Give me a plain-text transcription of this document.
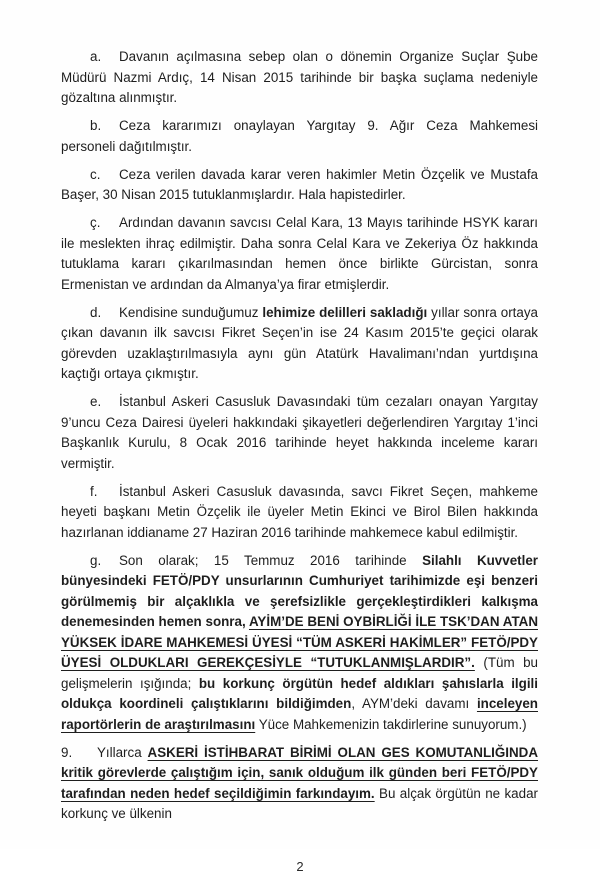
a. Davanın açılmasına sebep olan o dönemin Organize Suçlar Şube Müdürü Nazmi Ardıç, 14 Nisan 2015 tarihinde bir başka suçlama nedeniyle gözaltına alınmıştır.

b. Ceza kararımızı onaylayan Yargıtay 9. Ağır Ceza Mahkemesi personeli dağıtılmıştır.

c. Ceza verilen davada karar veren hakimler Metin Özçelik ve Mustafa Başer, 30 Nisan 2015 tutuklanmışlardır. Hala hapistedirler.

ç. Ardından davanın savcısı Celal Kara, 13 Mayıs tarihinde HSYK kararı ile meslekten ihraç edilmiştir. Daha sonra Celal Kara ve Zekeriya Öz hakkında tutuklama kararı çıkarılmasından hemen önce birlikte Gürcistan, sonra Ermenistan ve ardından da Almanya’ya firar etmişlerdir.

d. Kendisine sunduğumuz lehimize delilleri sakladığı yıllar sonra ortaya çıkan davanın ilk savcısı Fikret Seçen’in ise 24 Kasım 2015’te geçici olarak görevden uzaklaştırılmasıyla aynı gün Atatürk Havalimanı’ndan yurtdışına kaçtığı ortaya çıkmıştır.

e. İstanbul Askeri Casusluk Davasındaki tüm cezaları onayan Yargıtay 9’uncu Ceza Dairesi üyeleri hakkındaki şikayetleri değerlendiren Yargıtay 1’inci Başkanlık Kurulu, 8 Ocak 2016 tarihinde heyet hakkında inceleme kararı vermiştir.

f. İstanbul Askeri Casusluk davasında, savcı Fikret Seçen, mahkeme heyeti başkanı Metin Özçelik ile üyeler Metin Ekinci ve Birol Bilen hakkında hazırlanan iddianame 27 Haziran 2016 tarihinde mahkemece kabul edilmiştir.

g. Son olarak; 15 Temmuz 2016 tarihinde Silahlı Kuvvetler bünyesindeki FETÖ/PDY unsurlarının Cumhuriyet tarihimizde eşi benzeri görülmemiş bir alçaklıkla ve şerefsizlikle gerçekleştirdikleri kalkışma denemesinden hemen sonra, AYİM’DE BENİ OYBİRLİĞİ İLE TSK’DAN ATAN YÜKSEK İDARE MAHKEMESİ ÜYESİ “TÜM ASKERİ HAKİMLER” FETÖ/PDY ÜYESİ OLDUKLARI GEREKÇESİYLE “TUTUKLANMIŞLARDIR”. (Tüm bu gelişmelerin ışığında; bu korkunç örgütün hedef aldıkları şahıslarla ilgili oldukça koordineli çalıştıklarını bildiğimden, AYM’deki davamı inceleyen raportörlerin de araştırılmasını Yüce Mahkemenizin takdirlerine sunuyorum.)

9. Yıllarca ASKERİ İSTİHBARAT BİRİMİ OLAN GES KOMUTANLIĞINDA kritik görevlerde çalıştığım için, sanık olduğum ilk günden beri FETÖ/PDY tarafından neden hedef seçildiğimin farkındayım. Bu alçak örgütün ne kadar korkunç ve ülkenin

2
